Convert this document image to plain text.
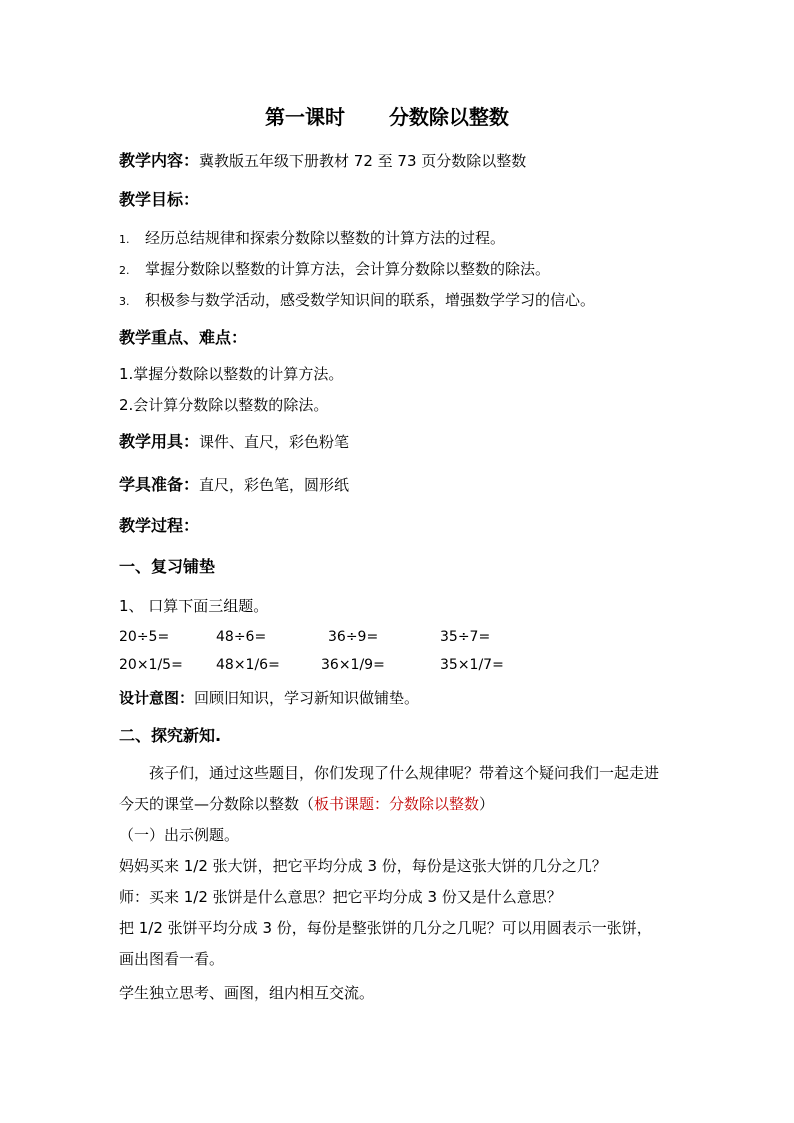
第一课时 分数除以整数
教学内容：冀教版五年级下册教材 72 至 73 页分数除以整数
教学目标：
1. 经历总结规律和探索分数除以整数的计算方法的过程。
2. 掌握分数除以整数的计算方法，会计算分数除以整数的除法。
3. 积极参与数学活动，感受数学知识间的联系，增强数学学习的信心。
教学重点、难点：
1.掌握分数除以整数的计算方法。
2.会计算分数除以整数的除法。
教学用具：课件、直尺，彩色粉笔
学具准备：直尺，彩色笔，圆形纸
教学过程：
一、复习铺垫
1、 口算下面三组题。
20÷5=	48÷6=	36÷9=	35÷7=
20×1/5= 48×1/6=	36×1/9=	35×1/7=
设计意图：回顾旧知识，学习新知识做铺垫。
二、探究新知.
孩子们，通过这些题目，你们发现了什么规律呢？带着这个疑问我们一起走进
今天的课堂—分数除以整数（板书课题：分数除以整数）
（一）出示例题。
妈妈买来 1/2 张大饼，把它平均分成 3 份，每份是这张大饼的几分之几？
师：买来 1/2 张饼是什么意思？把它平均分成 3 份又是什么意思？
把 1/2 张饼平均分成 3 份，每份是整张饼的几分之几呢？可以用圆表示一张饼，
画出图看一看。
学生独立思考、画图，组内相互交流。
